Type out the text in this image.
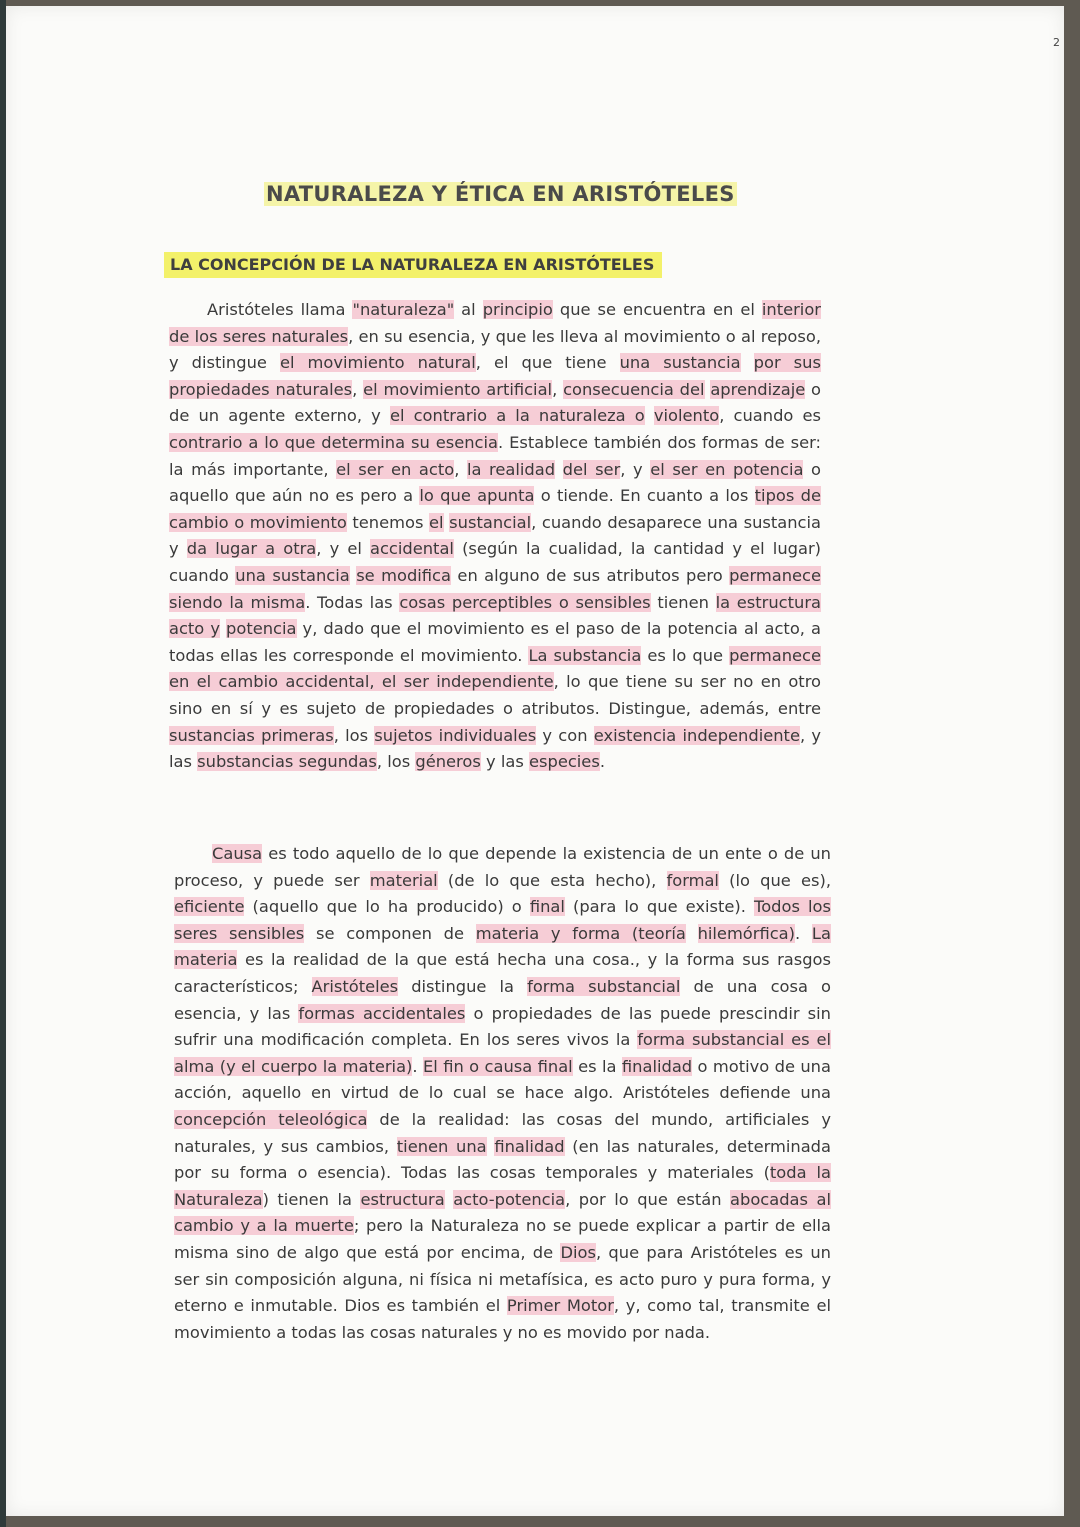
2
NATURALEZA Y ÉTICA EN ARISTÓTELES
LA CONCEPCIÓN DE LA NATURALEZA EN ARISTÓTELES

Aristóteles llama "naturaleza" al principio que se encuentra en el interior de los seres naturales, en su esencia, y que les lleva al movimiento o al reposo, y distingue el movimiento natural, el que tiene una sustancia por sus propiedades naturales, el movimiento artificial, consecuencia del aprendizaje o de un agente externo, y el contrario a la naturaleza o violento, cuando es contrario a lo que determina su esencia. Establece también dos formas de ser: la más importante, el ser en acto, la realidad del ser, y el ser en potencia o aquello que aún no es pero a lo que apunta o tiende. En cuanto a los tipos de cambio o movimiento tenemos el sustancial, cuando desaparece una sustancia y da lugar a otra, y el accidental (según la cualidad, la cantidad y el lugar) cuando una sustancia se modifica en alguno de sus atributos pero permanece siendo la misma. Todas las cosas perceptibles o sensibles tienen la estructura acto y potencia y, dado que el movimiento es el paso de la potencia al acto, a todas ellas les corresponde el movimiento. La substancia es lo que permanece en el cambio accidental, el ser independiente, lo que tiene su ser no en otro sino en sí y es sujeto de propiedades o atributos. Distingue, además, entre sustancias primeras, los sujetos individuales y con existencia independiente, y las substancias segundas, los géneros y las especies.

Causa es todo aquello de lo que depende la existencia de un ente o de un proceso, y puede ser material (de lo que esta hecho), formal (lo que es), eficiente (aquello que lo ha producido) o final (para lo que existe). Todos los seres sensibles se componen de materia y forma (teoría hilemórfica). La materia es la realidad de la que está hecha una cosa., y la forma sus rasgos característicos; Aristóteles distingue la forma substancial de una cosa o esencia, y las formas accidentales o propiedades de las puede prescindir sin sufrir una modificación completa. En los seres vivos la forma substancial es el alma (y el cuerpo la materia). El fin o causa final es la finalidad o motivo de una acción, aquello en virtud de lo cual se hace algo. Aristóteles defiende una concepción teleológica de la realidad: las cosas del mundo, artificiales y naturales, y sus cambios, tienen una finalidad (en las naturales, determinada por su forma o esencia). Todas las cosas temporales y materiales (toda la Naturaleza) tienen la estructura acto-potencia, por lo que están abocadas al cambio y a la muerte; pero la Naturaleza no se puede explicar a partir de ella misma sino de algo que está por encima, de Dios, que para Aristóteles es un ser sin composición alguna, ni física ni metafísica, es acto puro y pura forma, y eterno e inmutable. Dios es también el Primer Motor, y, como tal, transmite el movimiento a todas las cosas naturales y no es movido por nada.
